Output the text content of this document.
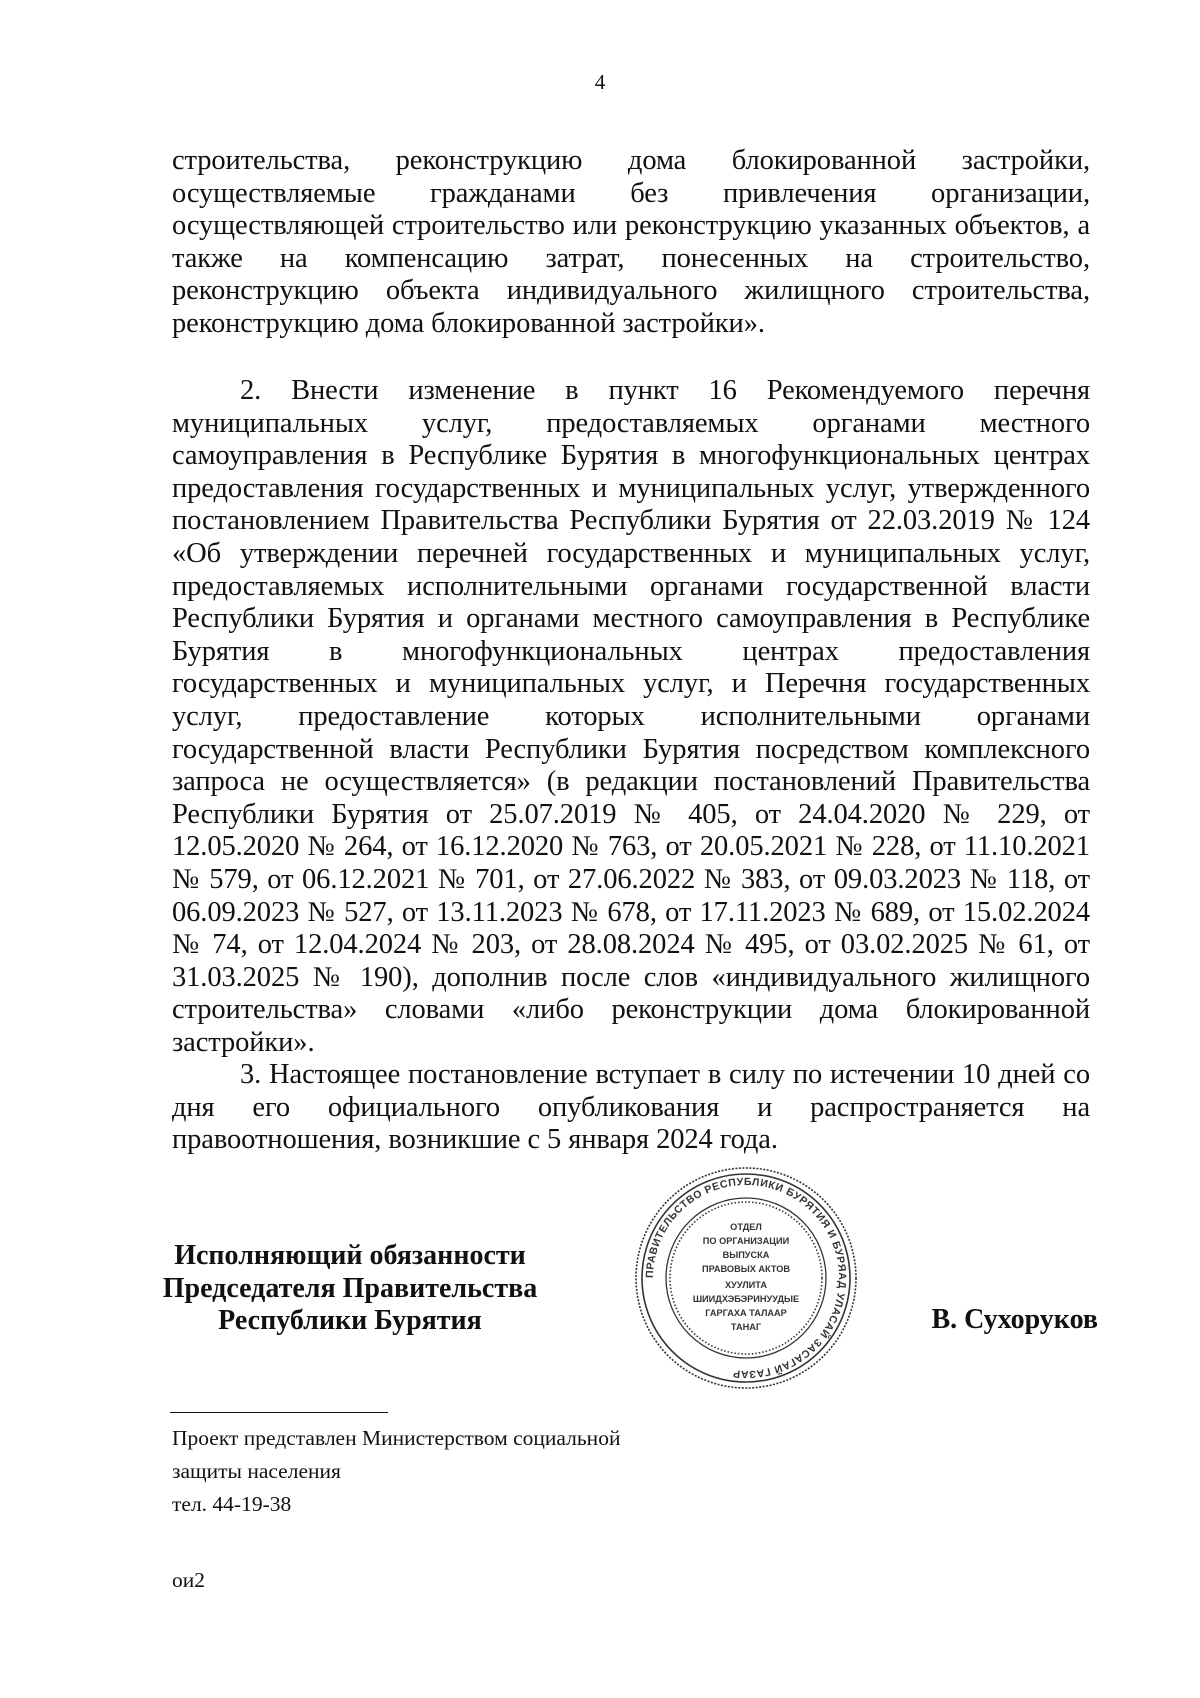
4
строительства, реконструкцию дома блокированной застройки, осуществляемые гражданами без привлечения организации, осуществляющей строительство или реконструкцию указанных объектов, а также на компенсацию затрат, понесенных на строительство, реконструкцию объекта индивидуального жилищного строительства, реконструкцию дома блокированной застройки».
2. Внести изменение в пункт 16 Рекомендуемого перечня муниципальных услуг, предоставляемых органами местного самоуправления в Республике Бурятия в многофункциональных центрах предоставления государственных и муниципальных услуг, утвержденного постановлением Правительства Республики Бурятия от 22.03.2019 № 124 «Об утверждении перечней государственных и муниципальных услуг, предоставляемых исполнительными органами государственной власти Республики Бурятия и органами местного самоуправления в Республике Бурятия в многофункциональных центрах предоставления государственных и муниципальных услуг, и Перечня государственных услуг, предоставление которых исполнительными органами государственной власти Республики Бурятия посредством комплексного запроса не осуществляется» (в редакции постановлений Правительства Республики Бурятия от 25.07.2019 № 405, от 24.04.2020 № 229, от 12.05.2020 № 264, от 16.12.2020 № 763, от 20.05.2021 № 228, от 11.10.2021 № 579, от 06.12.2021 № 701, от 27.06.2022 № 383, от 09.03.2023 № 118, от 06.09.2023 № 527, от 13.11.2023 № 678, от 17.11.2023 № 689, от 15.02.2024 № 74, от 12.04.2024 № 203, от 28.08.2024 № 495, от 03.02.2025 № 61, от 31.03.2025 № 190), дополнив после слов «индивидуального жилищного строительства» словами «либо реконструкции дома блокированной застройки».
3. Настоящее постановление вступает в силу по истечении 10 дней со дня его официального опубликования и распространяется на правоотношения, возникшие с 5 января 2024 года.
Исполняющий обязанности
Председателя Правительства
Республики Бурятия
ПРАВИТЕЛЬСТВО РЕСПУБЛИКИ БУРЯТИЯ И БУРЯАД УЛАСАЙ ЗАСАГАЙ ГАЗАР
ОТДЕЛ
ПО ОРГАНИЗАЦИИ
ВЫПУСКА
ПРАВОВЫХ АКТОВ
ХУУЛИТА
ШИИДХЭБЭРИНУУДЫЕ
ГАРГАХА ТАЛААР
ТАНАГ	В. Сухоруков
Проект представлен Министерством социальной
защиты населения
тел. 44-19-38
ои2
